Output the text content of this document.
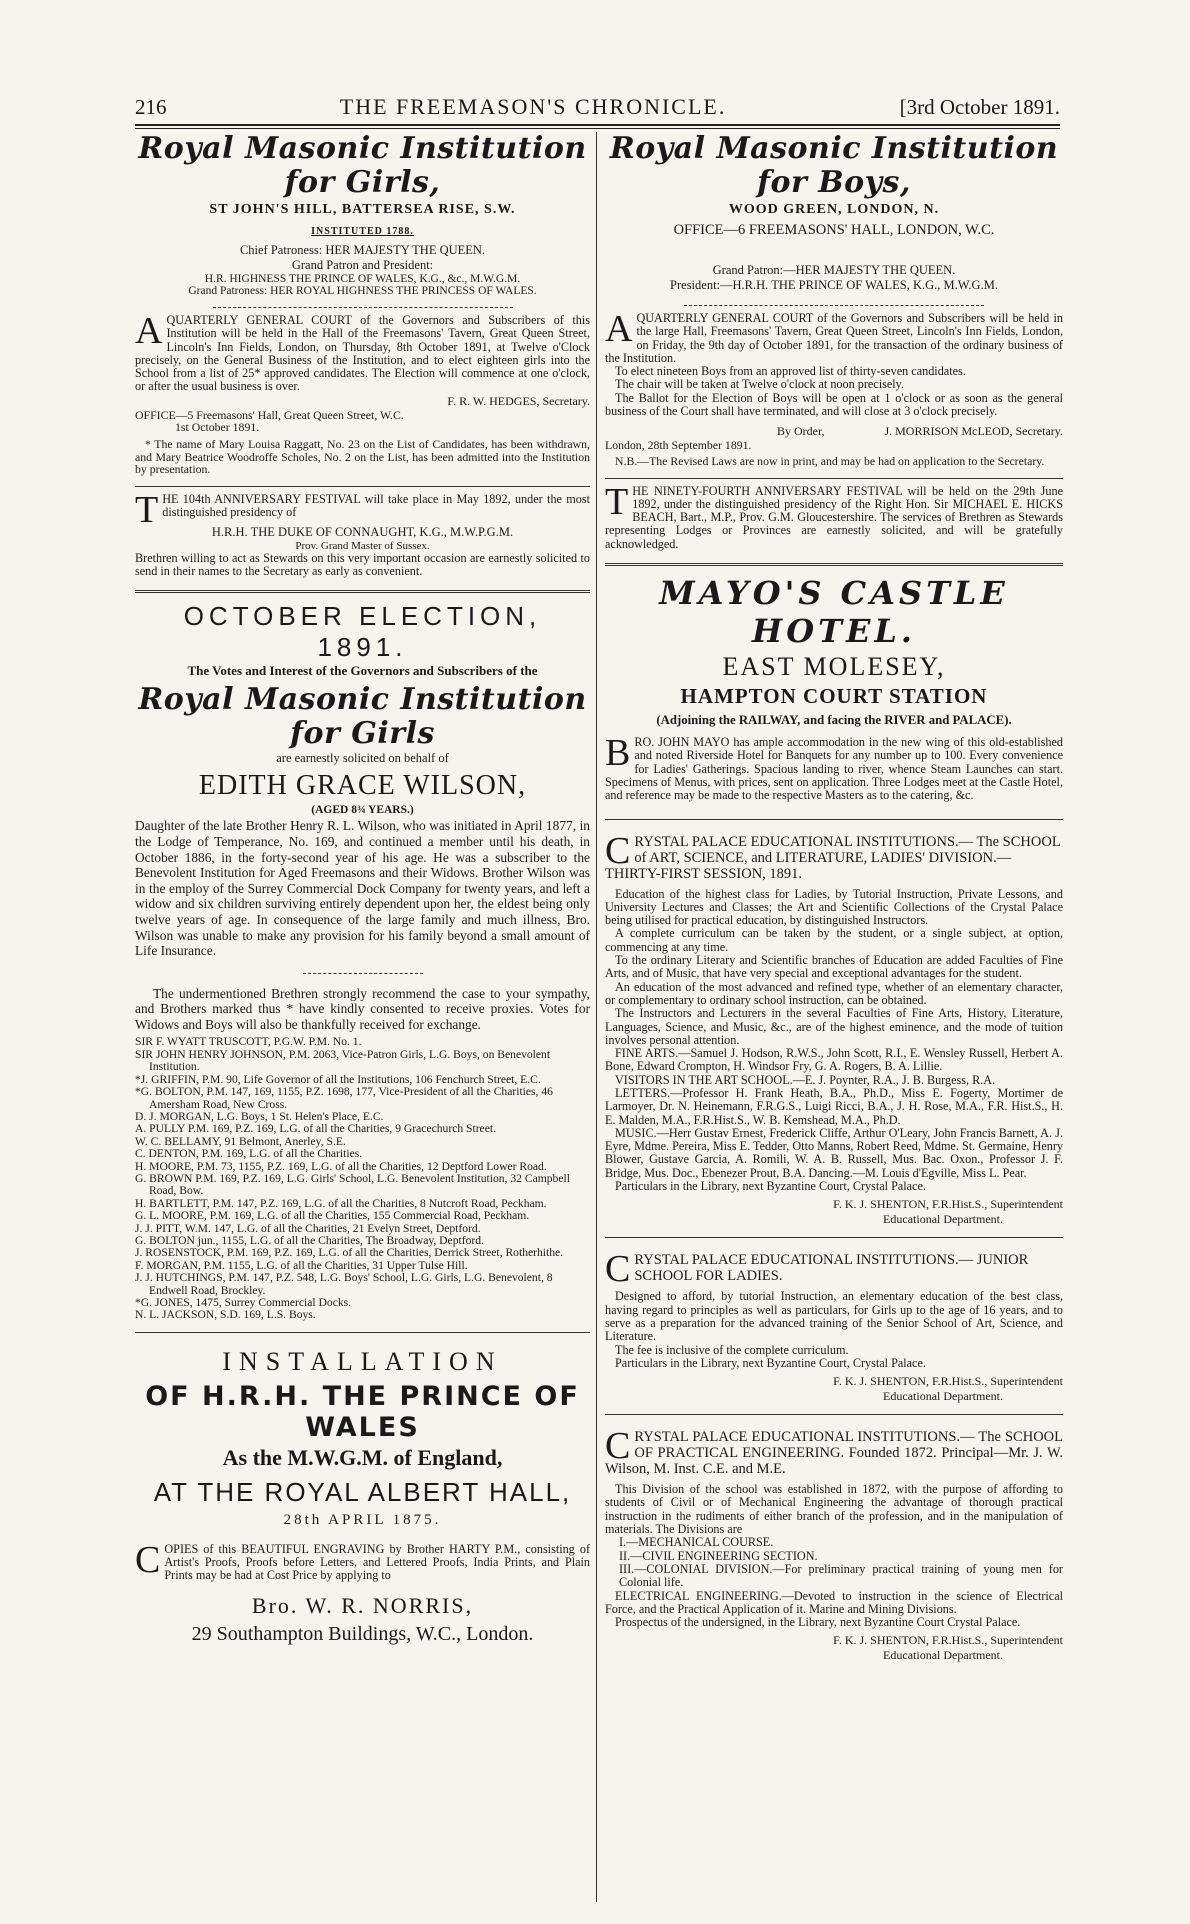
216	THE FREEMASON'S CHRONICLE.	[3rd October 1891.

Royal Masonic Institution for Girls,

ST JOHN'S HILL, BATTERSEA RISE, S.W.

INSTITUTED 1788.

Chief Patroness: HER MAJESTY THE QUEEN.

Grand Patron and President:

H.R. HIGHNESS THE PRINCE OF WALES, K.G., &c., M.W.G.M.

Grand Patroness: HER ROYAL HIGHNESS THE PRINCESS OF WALES.

AQUARTERLY GENERAL COURT of the Governors and Subscribers of this Institution will be held in the Hall of the Freemasons' Tavern, Great Queen Street, Lincoln's Inn Fields, London, on Thursday, 8th October 1891, at Twelve o'Clock precisely, on the General Business of the Institution, and to elect eighteen girls into the School from a list of 25* approved candidates. The Election will commence at one o'clock, or after the usual business is over.

F. R. W. HEDGES, Secretary.

OFFICE—5 Freemasons' Hall, Great Queen Street, W.C.

1st October 1891.

* The name of Mary Louisa Raggatt, No. 23 on the List of Candidates, has been withdrawn, and Mary Beatrice Woodroffe Scholes, No. 2 on the List, has been admitted into the Institution by presentation.

THE 104th ANNIVERSARY FESTIVAL will take place in May 1892, under the most distinguished presidency of

H.R.H. THE DUKE OF CONNAUGHT, K.G., M.W.P.G.M.

Prov. Grand Master of Sussex.

Brethren willing to act as Stewards on this very important occasion are earnestly solicited to send in their names to the Secretary as early as convenient.

OCTOBER ELECTION, 1891.

The Votes and Interest of the Governors and Subscribers of the

Royal Masonic Institution for Girls

are earnestly solicited on behalf of

EDITH GRACE WILSON,

(AGED 8¾ YEARS.)

Daughter of the late Brother Henry R. L. Wilson, who was initiated in April 1877, in the Lodge of Temperance, No. 169, and continued a member until his death, in October 1886, in the forty-second year of his age. He was a subscriber to the Benevolent Institution for Aged Freemasons and their Widows. Brother Wilson was in the employ of the Surrey Commercial Dock Company for twenty years, and left a widow and six children surviving entirely dependent upon her, the eldest being only twelve years of age. In consequence of the large family and much illness, Bro. Wilson was unable to make any provision for his family beyond a small amount of Life Insurance.

The undermentioned Brethren strongly recommend the case to your sympathy, and Brothers marked thus * have kindly consented to receive proxies. Votes for Widows and Boys will also be thankfully received for exchange.

SIR F. WYATT TRUSCOTT, P.G.W. P.M. No. 1.

SIR JOHN HENRY JOHNSON, P.M. 2063, Vice-Patron Girls, L.G. Boys, on Benevolent Institution.

*J. GRIFFIN, P.M. 90, Life Governor of all the Institutions, 106 Fenchurch Street, E.C.

*G. BOLTON, P.M. 147, 169, 1155, P.Z. 1698, 177, Vice-President of all the Charities, 46 Amersham Road, New Cross.

D. J. MORGAN, L.G. Boys, 1 St. Helen's Place, E.C.

A. PULLY P.M. 169, P.Z. 169, L.G. of all the Charities, 9 Gracechurch Street.

W. C. BELLAMY, 91 Belmont, Anerley, S.E.

C. DENTON, P.M. 169, L.G. of all the Charities.

H. MOORE, P.M. 73, 1155, P.Z. 169, L.G. of all the Charities, 12 Deptford Lower Road.

G. BROWN P.M. 169, P.Z. 169, L.G. Girls' School, L.G. Benevolent Institution, 32 Campbell Road, Bow.

H. BARTLETT, P.M. 147, P.Z. 169, L.G. of all the Charities, 8 Nutcroft Road, Peckham.

G. L. MOORE, P.M. 169, L.G. of all the Charities, 155 Commercial Road, Peckham.

J. J. PITT, W.M. 147, L.G. of all the Charities, 21 Evelyn Street, Deptford.

G. BOLTON jun., 1155, L.G. of all the Charities, The Broadway, Deptford.

J. ROSENSTOCK, P.M. 169, P.Z. 169, L.G. of all the Charities, Derrick Street, Rotherhithe.

F. MORGAN, P.M. 1155, L.G. of all the Charities, 31 Upper Tulse Hill.

J. J. HUTCHINGS, P.M. 147, P.Z. 548, L.G. Boys' School, L.G. Girls, L.G. Benevolent, 8 Endwell Road, Brockley.

*G. JONES, 1475, Surrey Commercial Docks.

N. L. JACKSON, S.D. 169, L.S. Boys.

INSTALLATION

OF H.R.H. THE PRINCE OF WALES

As the M.W.G.M. of England,

AT THE ROYAL ALBERT HALL,

28th APRIL 1875.

COPIES of this BEAUTIFUL ENGRAVING by Brother HARTY P.M., consisting of Artist's Proofs, Proofs before Letters, and Lettered Proofs, India Prints, and Plain Prints may be had at Cost Price by applying to

Bro. W. R. NORRIS,

29 Southampton Buildings, W.C., London.

Royal Masonic Institution for Boys,

WOOD GREEN, LONDON, N.

OFFICE—6 FREEMASONS' HALL, LONDON, W.C.

Grand Patron:—HER MAJESTY THE QUEEN.

President:—H.R.H. THE PRINCE OF WALES, K.G., M.W.G.M.

AQUARTERLY GENERAL COURT of the Governors and Subscribers will be held in the large Hall, Freemasons' Tavern, Great Queen Street, Lincoln's Inn Fields, London, on Friday, the 9th day of October 1891, for the transaction of the ordinary business of the Institution.

To elect nineteen Boys from an approved list of thirty-seven candidates.

The chair will be taken at Twelve o'clock at noon precisely.

The Ballot for the Election of Boys will be open at 1 o'clock or as soon as the general business of the Court shall have terminated, and will close at 3 o'clock precisely.

By Order,	J. MORRISON McLEOD, Secretary.

London, 28th September 1891.

N.B.—The Revised Laws are now in print, and may be had on application to the Secretary.

THE NINETY-FOURTH ANNIVERSARY FESTIVAL will be held on the 29th June 1892, under the distinguished presidency of the Right Hon. Sir MICHAEL E. HICKS BEACH, Bart., M.P., Prov. G.M. Gloucestershire. The services of Brethren as Stewards representing Lodges or Provinces are earnestly solicited, and will be gratefully acknowledged.

MAYO'S CASTLE HOTEL.

EAST MOLESEY,

HAMPTON COURT STATION

(Adjoining the RAILWAY, and facing the RIVER and PALACE).

BRO. JOHN MAYO has ample accommodation in the new wing of this old-established and noted Riverside Hotel for Banquets for any number up to 100. Every convenience for Ladies' Gatherings. Spacious landing to river, whence Steam Launches can start. Specimens of Menus, with prices, sent on application. Three Lodges meet at the Castle Hotel, and reference may be made to the respective Masters as to the catering, &c.
CRYSTAL PALACE EDUCATIONAL INSTITUTIONS.— The SCHOOL of ART, SCIENCE, and LITERATURE, LADIES' DIVISION.—THIRTY-FIRST SESSION, 1891.

Education of the highest class for Ladies, by Tutorial Instruction, Private Lessons, and University Lectures and Classes; the Art and Scientific Collections of the Crystal Palace being utilised for practical education, by distinguished Instructors.

A complete curriculum can be taken by the student, or a single subject, at option, commencing at any time.

To the ordinary Literary and Scientific branches of Education are added Faculties of Fine Arts, and of Music, that have very special and exceptional advantages for the student.

An education of the most advanced and refined type, whether of an elementary character, or complementary to ordinary school instruction, can be obtained.

The Instructors and Lecturers in the several Faculties of Fine Arts, History, Literature, Languages, Science, and Music, &c., are of the highest eminence, and the mode of tuition involves personal attention.

FINE ARTS.—Samuel J. Hodson, R.W.S., John Scott, R.I., E. Wensley Russell, Herbert A. Bone, Edward Crompton, H. Windsor Fry, G. A. Rogers, B. A. Lillie.

VISITORS IN THE ART SCHOOL.—E. J. Poynter, R.A., J. B. Burgess, R.A.

LETTERS.—Professor H. Frank Heath, B.A., Ph.D., Miss E. Fogerty, Mortimer de Larmoyer, Dr. N. Heinemann, F.R.G.S., Luigi Ricci, B.A., J. H. Rose, M.A., F.R. Hist.S., H. E. Malden, M.A., F.R.Hist.S., W. B. Kemshead, M.A., Ph.D.

MUSIC.—Herr Gustav Ernest, Frederick Cliffe, Arthur O'Leary, John Francis Barnett, A. J. Eyre, Mdme. Pereira, Miss E. Tedder, Otto Manns, Robert Reed, Mdme. St. Germaine, Henry Blower, Gustave Garcia, A. Romili, W. A. B. Russell, Mus. Bac. Oxon., Professor J. F. Bridge, Mus. Doc., Ebenezer Prout, B.A. Dancing.—M. Louis d'Egville, Miss L. Pear.

Particulars in the Library, next Byzantine Court, Crystal Palace.

F. K. J. SHENTON, F.R.Hist.S., Superintendent

Educational Department.

CRYSTAL PALACE EDUCATIONAL INSTITUTIONS.— JUNIOR SCHOOL FOR LADIES.

Designed to afford, by tutorial Instruction, an elementary education of the best class, having regard to principles as well as particulars, for Girls up to the age of 16 years, and to serve as a preparation for the advanced training of the Senior School of Art, Science, and Literature.

The fee is inclusive of the complete curriculum.

Particulars in the Library, next Byzantine Court, Crystal Palace.

F. K. J. SHENTON, F.R.Hist.S., Superintendent

Educational Department.

CRYSTAL PALACE EDUCATIONAL INSTITUTIONS.— The SCHOOL OF PRACTICAL ENGINEERING. Founded 1872. Principal—Mr. J. W. Wilson, M. Inst. C.E. and M.E.

This Division of the school was established in 1872, with the purpose of affording to students of Civil or of Mechanical Engineering the advantage of thorough practical instruction in the rudiments of either branch of the profession, and in the manipulation of materials. The Divisions are

I.—MECHANICAL COURSE.

II.—CIVIL ENGINEERING SECTION.

III.—COLONIAL DIVISION.—For preliminary practical training of young men for Colonial life.

ELECTRICAL ENGINEERING.—Devoted to instruction in the science of Electrical Force, and the Practical Application of it. Marine and Mining Divisions.

Prospectus of the undersigned, in the Library, next Byzantine Court Crystal Palace.

F. K. J. SHENTON, F.R.Hist.S., Superintendent

Educational Department.
